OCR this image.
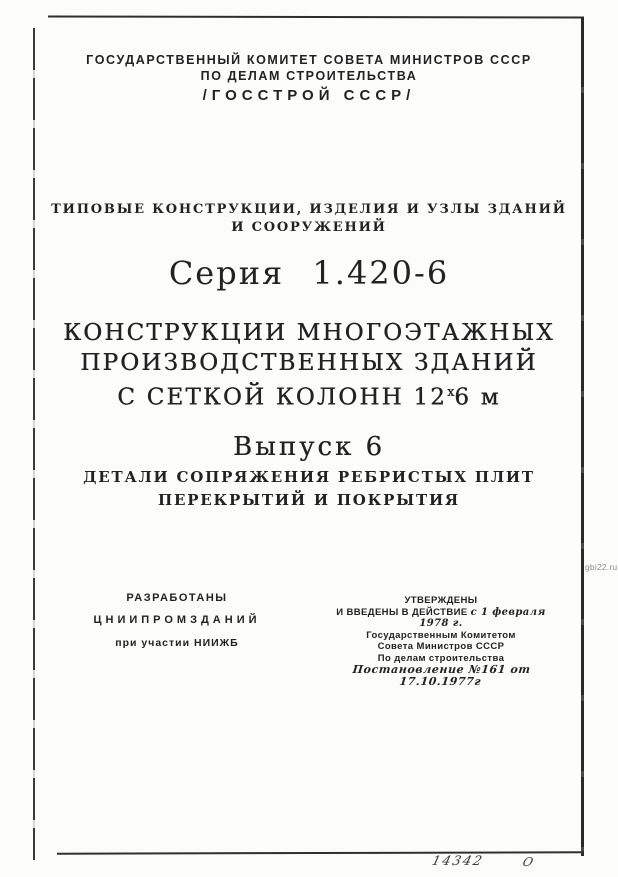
ГОСУДАРСТВЕННЫЙ КОМИТЕТ СОВЕТА МИНИСТРОВ СССР
ПО ДЕЛАМ СТРОИТЕЛЬСТВА
/ГОССТРОЙ СССР/
ТИПОВЫЕ КОНСТРУКЦИИ, ИЗДЕЛИЯ И УЗЛЫ ЗДАНИЙ
И СООРУЖЕНИЙ
Серия 1.420-6
КОНСТРУКЦИИ МНОГОЭТАЖНЫХ
ПРОИЗВОДСТВЕННЫХ ЗДАНИЙ
С СЕТКОЙ КОЛОНН $12^х6$ м
Выпуск 6
ДЕТАЛИ СОПРЯЖЕНИЯ РЕБРИСТЫХ ПЛИТ
ПЕРЕКРЫТИЙ И ПОКРЫТИЯ
РАЗРАБОТАНЫ
ЦНИИПРОМЗДАНИЙ
при участии НИИЖБ
УТВЕРЖДЕНЫ
И ВВЕДЕНЫ В ДЕЙСТВИЕ с 1 февраля 1978 г.
Государственным Комитетом
Совета Министров СССР
По делам строительства
Постановление №161 от 17.10.1977г
gbi22.ru
14342	О
